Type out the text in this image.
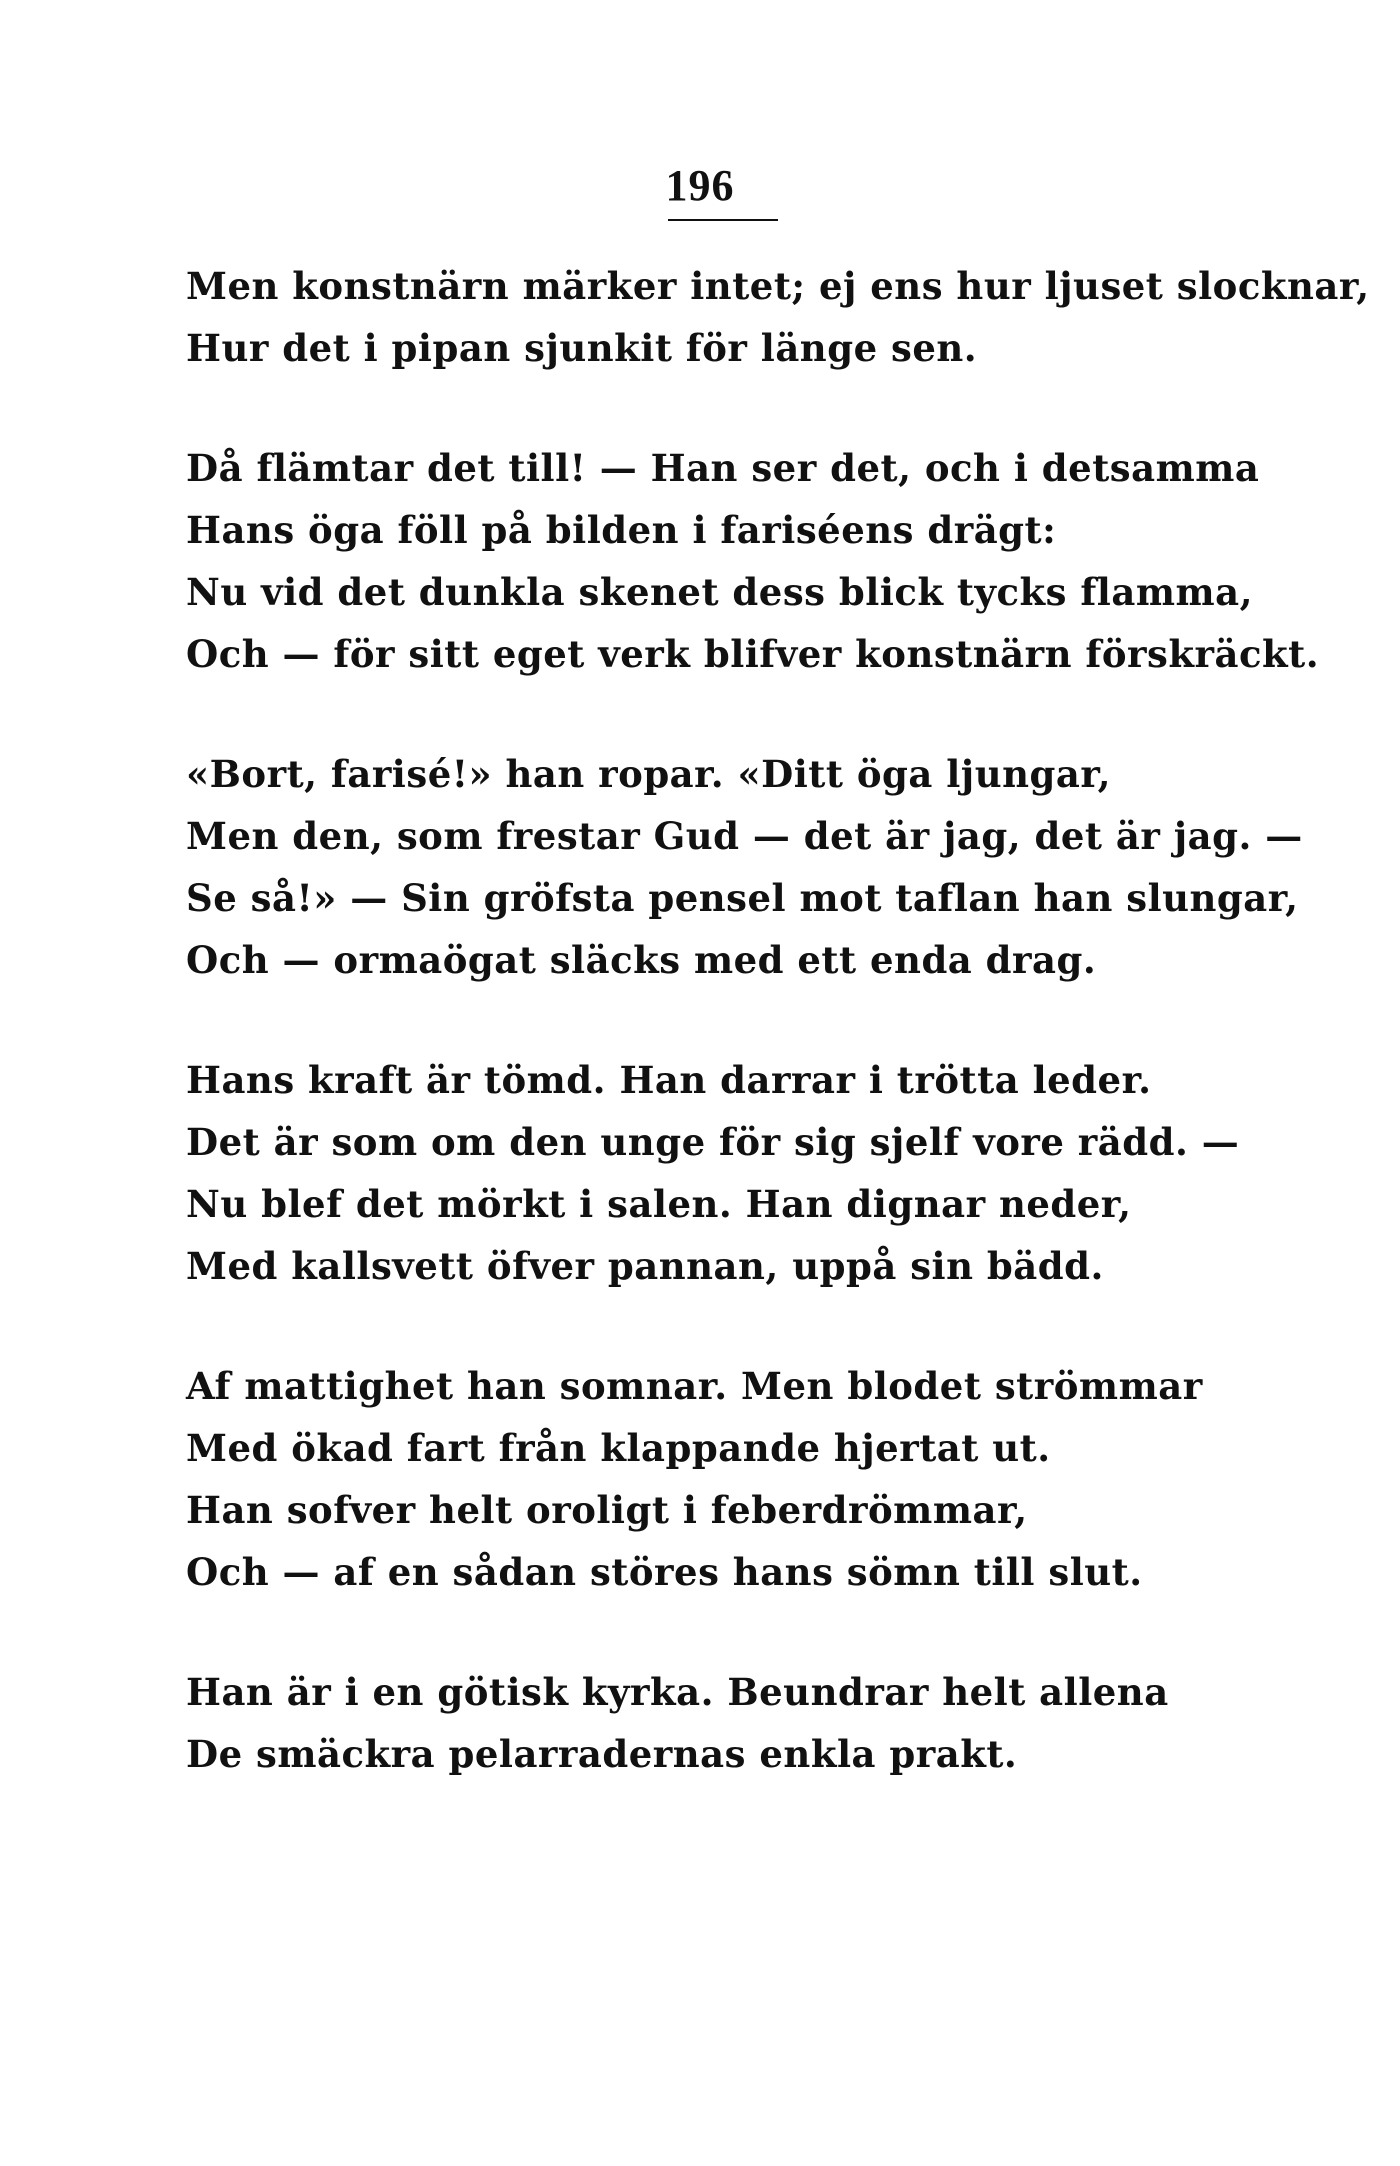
196
Men konstnärn märker intet; ej ens hur ljuset slocknar,
Hur det i pipan sjunkit för länge sen.
Då flämtar det till! — Han ser det, och i detsamma
Hans öga föll på bilden i fariséens drägt:
Nu vid det dunkla skenet dess blick tycks flamma,
Och — för sitt eget verk blifver konstnärn förskräckt.
«Bort, farisé!» han ropar. «Ditt öga ljungar,
Men den, som frestar Gud — det är jag, det är jag. —
Se så!» — Sin gröfsta pensel mot taflan han slungar,
Och — ormaögat släcks med ett enda drag.
Hans kraft är tömd. Han darrar i trötta leder.
Det är som om den unge för sig sjelf vore rädd. —
Nu blef det mörkt i salen. Han dignar neder,
Med kallsvett öfver pannan, uppå sin bädd.
Af mattighet han somnar. Men blodet strömmar
Med ökad fart från klappande hjertat ut.
Han sofver helt oroligt i feberdrömmar,
Och — af en sådan störes hans sömn till slut.
Han är i en götisk kyrka. Beundrar helt allena
De smäckra pelarradernas enkla prakt.
